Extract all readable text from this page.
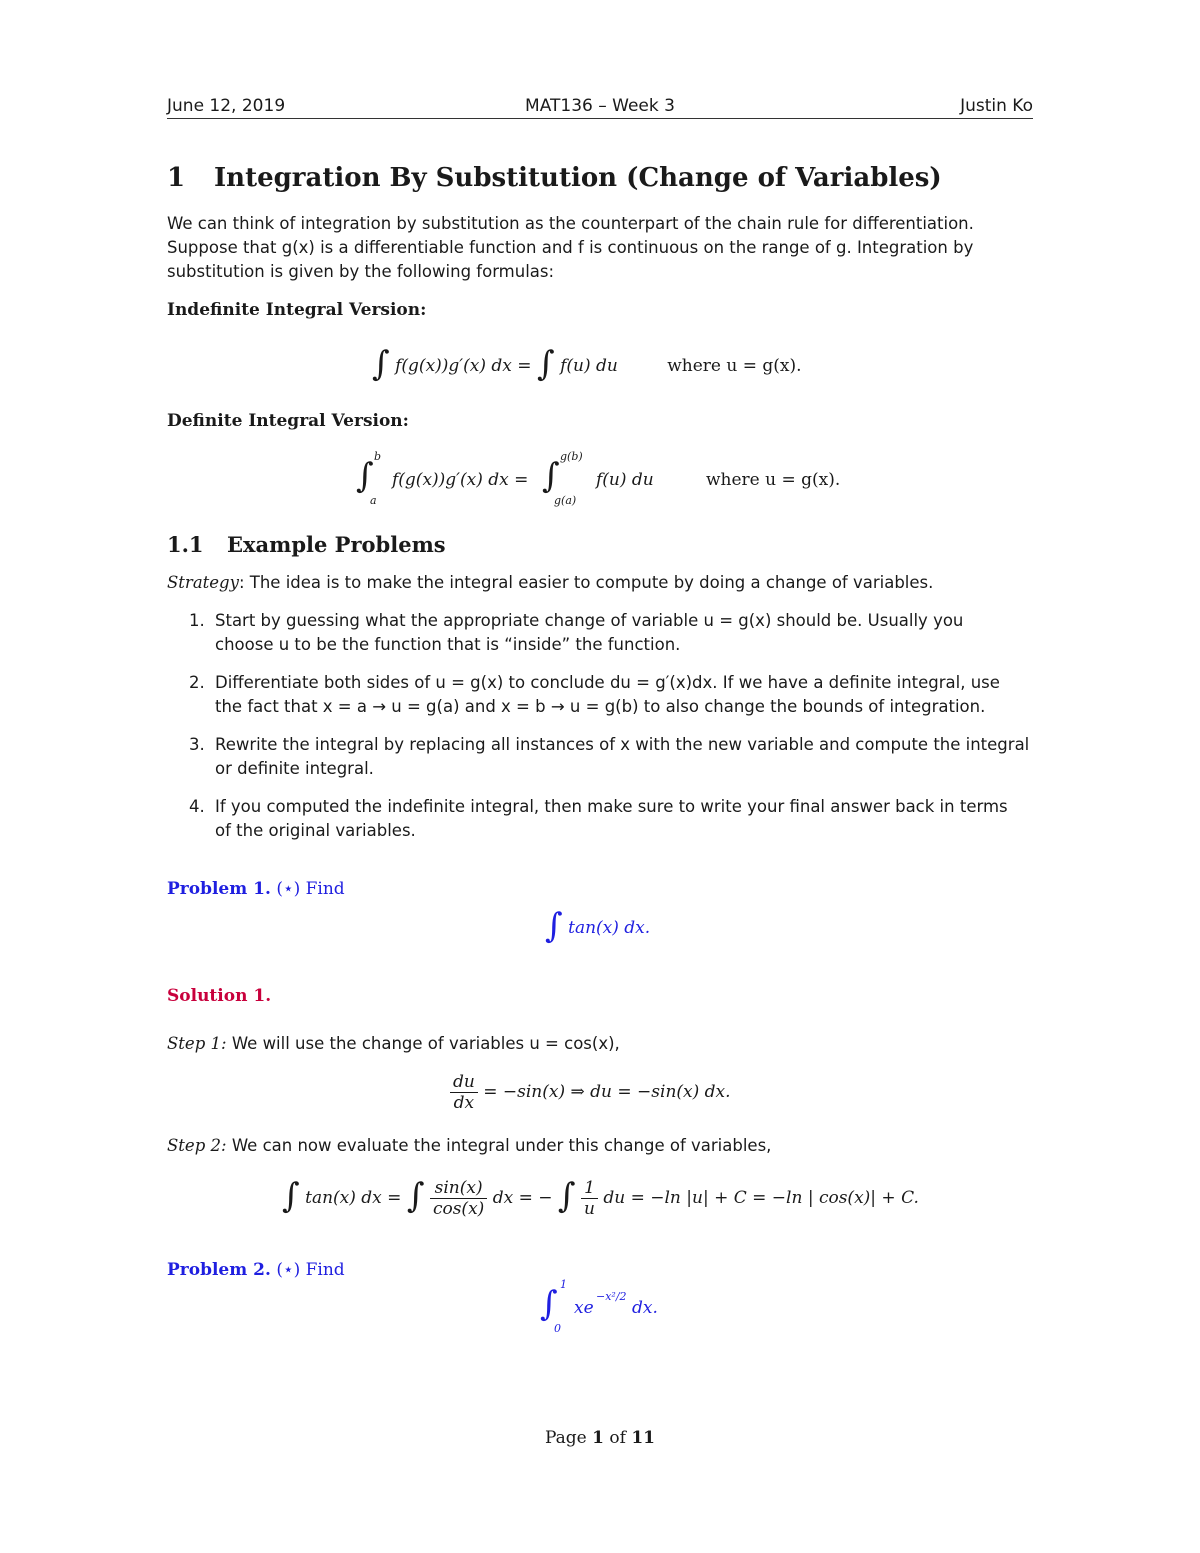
June 12, 2019	MAT136 – Week 3	Justin Ko
1 Integration By Substitution (Change of Variables)

We can think of integration by substitution as the counterpart of the chain rule for differentiation.

Suppose that g(x) is a differentiable function and f is continuous on the range of g. Integration by

substitution is given by the following formulas:

Indefinite Integral Version:
∫ f(g(x))g′(x) dx = ∫ f(u) du	where u = g(x).
Definite Integral Version:
∫ b
a
f(g(x))g′(x) dx = ∫ g(b)
g(a)
f(u) du	where u = g(x).
1.1 Example Problems
Strategy: The idea is to make the integral easier to compute by doing a change of variables.
1. Start by guessing what the appropriate change of variable u = g(x) should be. Usually you
choose u to be the function that is “inside” the function.
2. Differentiate both sides of u = g(x) to conclude du = g′(x)dx. If we have a definite integral, use
the fact that x = a → u = g(a) and x = b → u = g(b) to also change the bounds of integration.
3. Rewrite the integral by replacing all instances of x with the new variable and compute the integral
or definite integral.
4. If you computed the indefinite integral, then make sure to write your final answer back in terms
of the original variables.
Problem 1. (⋆) Find
∫ tan(x) dx.
Solution 1.
Step 1: We will use the change of variables u = cos(x),
$\frac{du}{dx} = -\sin(x)$ ⇒ du = −sin(x) dx.
Step 2: We can now evaluate the integral under this change of variables,
∫ tan(x) dx = ∫ $\frac{\sin(x)}{\cos(x)}$ dx = − ∫ $\frac{1}{u}$ du = −ln |u| + C = −ln | cos(x)| + C.
Problem 2. (⋆) Find
∫ 1
0
xe
−x²/2
dx.
Page 1 of 11
